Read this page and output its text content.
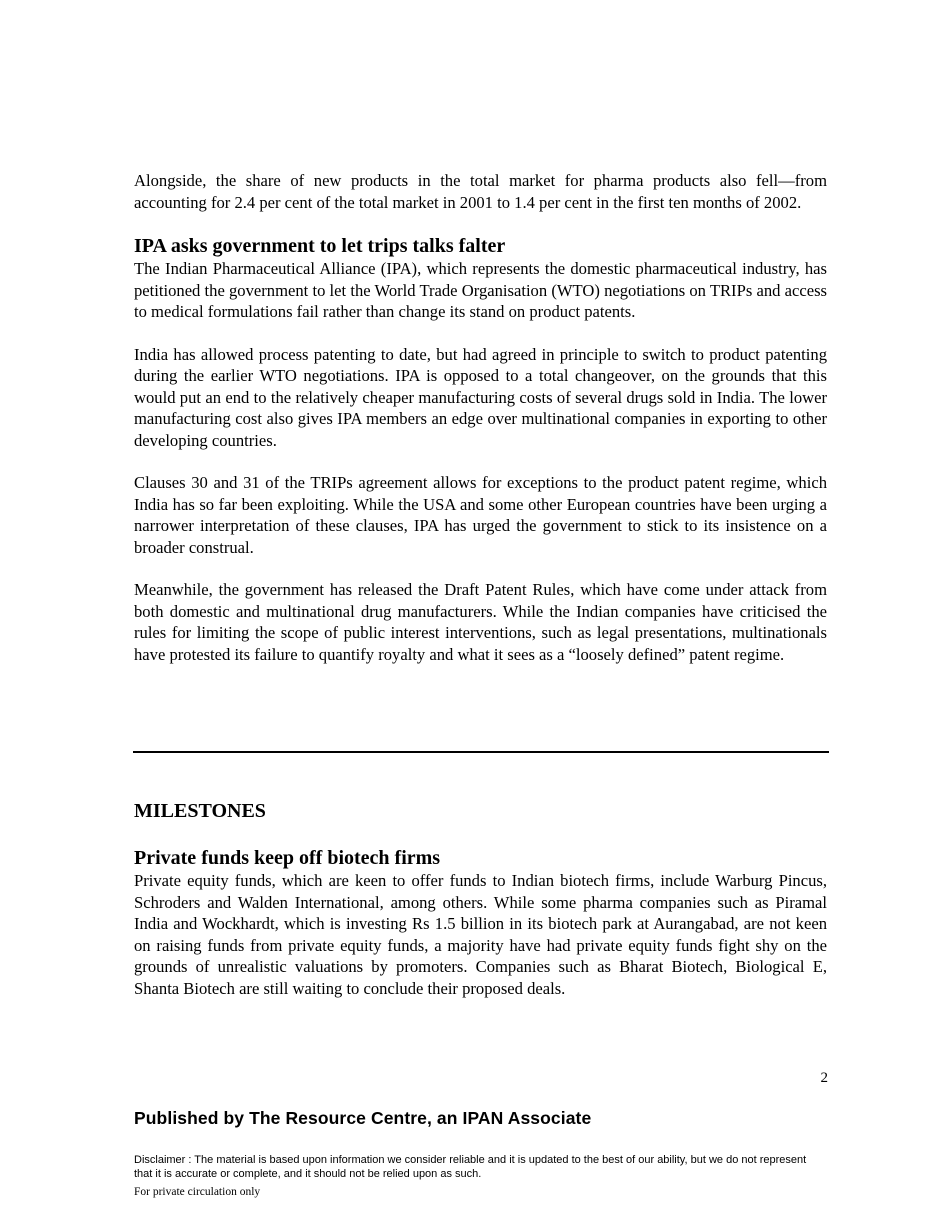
Alongside, the share of new products in the total market for pharma products also fell—from accounting for 2.4 per cent of the total market in 2001 to 1.4 per cent in the first ten months of 2002.

IPA asks government to let trips talks falter

The Indian Pharmaceutical Alliance (IPA), which represents the domestic pharmaceutical industry, has petitioned the government to let the World Trade Organisation (WTO) negotiations on TRIPs and access to medical formulations fail rather than change its stand on product patents.

India has allowed process patenting to date, but had agreed in principle to switch to product patenting during the earlier WTO negotiations. IPA is opposed to a total changeover, on the grounds that this would put an end to the relatively cheaper manufacturing costs of several drugs sold in India. The lower manufacturing cost also gives IPA members an edge over multinational companies in exporting to other developing countries.

Clauses 30 and 31 of the TRIPs agreement allows for exceptions to the product patent regime, which India has so far been exploiting. While the USA and some other European countries have been urging a narrower interpretation of these clauses, IPA has urged the government to stick to its insistence on a broader construal.

Meanwhile, the government has released the Draft Patent Rules, which have come under attack from both domestic and multinational drug manufacturers. While the Indian companies have criticised the rules for limiting the scope of public interest interventions, such as legal presentations, multinationals have protested its failure to quantify royalty and what it sees as a “loosely defined” patent regime.

MILESTONES
Private funds keep off biotech firms

Private equity funds, which are keen to offer funds to Indian biotech firms, include Warburg Pincus, Schroders and Walden International, among others. While some pharma companies such as Piramal India and Wockhardt, which is investing Rs 1.5 billion in its biotech park at Aurangabad, are not keen on raising funds from private equity funds, a majority have had private equity funds fight shy on the grounds of unrealistic valuations by promoters. Companies such as Bharat Biotech, Biological E, Shanta Biotech are still waiting to conclude their proposed deals.

2

Published by The Resource Centre, an IPAN Associate

Disclaimer : The material is based upon information we consider reliable and it is updated to the best of our ability, but we do not represent that it is accurate or complete, and it should not be relied upon as such.

For private circulation only
